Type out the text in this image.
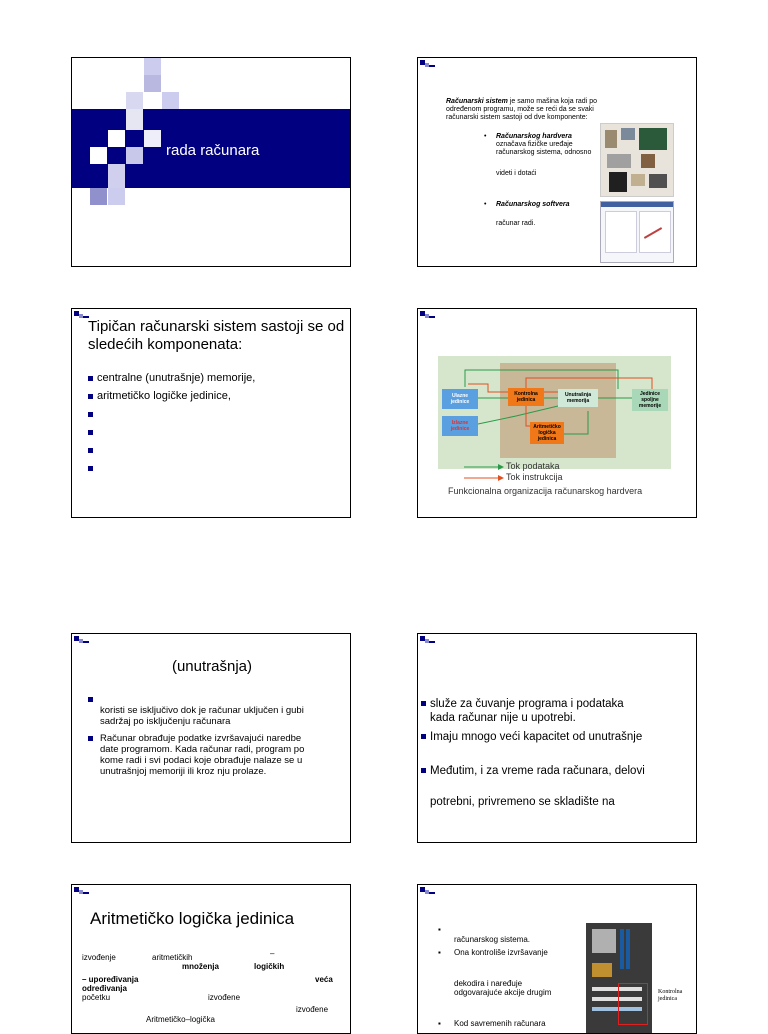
rada računara
Računarski sistem je samo mašina koja radi po
određenom programu, može se reći da se svaki
računarski sistem sastoji od dve komponente:
• Računarskog hardvera
označava fizičke uređaje
računarskog sistema, odnosno
videti i dotaći
• Računarskog softvera
računar radi.
Tipičan računarski sistem sastoji se od sledećih komponenata:
centralne (unutrašnje) memorije,
aritmetičko logičke jedinice,	Ulazne jedinice
Kontrolna jedinica
Unutrašnja memorija
Jedinice spoljne memorije
Izlazne jedinice	Aritmetičko logička jedinica
Tok podataka
Tok instrukcija
Funkcionalna organizacija računarskog hardvera
(unutrašnja)
koristi se isključivo dok je računar uključen i gubi
sadržaj po isključenju računara
Računar obrađuje podatke izvršavajući naredbe
date programom. Kada računar radi, program po
kome radi i svi podaci koje obrađuje nalaze se u
unutrašnjoj memoriji ili kroz nju prolaze.
služe za čuvanje programa i podataka
kada računar nije u upotrebi.
Imaju mnogo veći kapacitet od unutrašnje
Međutim, i za vreme rada računara, delovi
potrebni, privremeno se skladište na
Aritmetičko logička jedinica
izvođenje	aritmetičkih
množenja
–
logičkih
– upoređivanja	veća
određivanja
početku	izvođene
izvođene
Aritmetičko–logička
▪
računarskog sistema.
▪ Ona kontroliše izvršavanje
dekodira i naređuje
odgovarajuće akcije drugim
▪ Kod savremenih računara
Kontrolna jedinica
